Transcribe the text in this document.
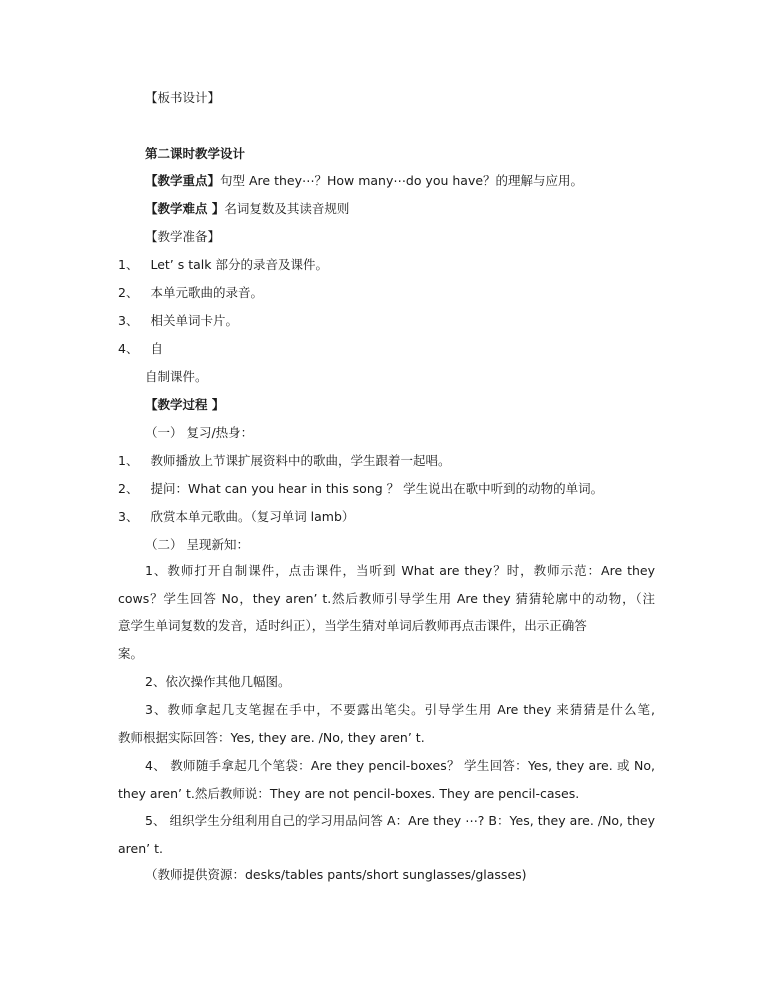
【板书设计】
第二课时教学设计
【教学重点】句型 Are they⋯？How many⋯do you have？的理解与应用。
【教学难点 】名词复数及其读音规则
【教学准备】
1、 Let’ s talk 部分的录音及课件。
2、 本单元歌曲的录音。
3、 相关单词卡片。
4、 自
自制课件。
【教学过程 】
（一） 复习/热身：
1、 教师播放上节课扩展资料中的歌曲，学生跟着一起唱。
2、 提问：What can you hear in this song ？ 学生说出在歌中听到的动物的单词。
3、 欣赏本单元歌曲。（复习单词 lamb）
（二） 呈现新知：
1、教师打开自制课件，点击课件，当听到 What are they？时，教师示范：Are they
cows？学生回答 No，they aren’ t.然后教师引导学生用 Are they 猜猜轮廓中的动物，（注
意学生单词复数的发音，适时纠正），当学生猜对单词后教师再点击课件，出示正确答
案。
2、依次操作其他几幅图。
3、教师拿起几支笔握在手中，不要露出笔尖。引导学生用 Are they 来猜猜是什么笔,
教师根据实际回答：Yes, they are. /No, they aren’ t.
4、 教师随手拿起几个笔袋：Are they pencil-boxes？ 学生回答：Yes, they are. 或 No,
they aren’ t.然后教师说：They are not pencil-boxes. They are pencil-cases.
5、 组织学生分组利用自己的学习用品问答 A：Are they ⋯? B：Yes, they are. /No, they
aren’ t.
（教师提供资源：desks/tables pants/short sunglasses/glasses)
